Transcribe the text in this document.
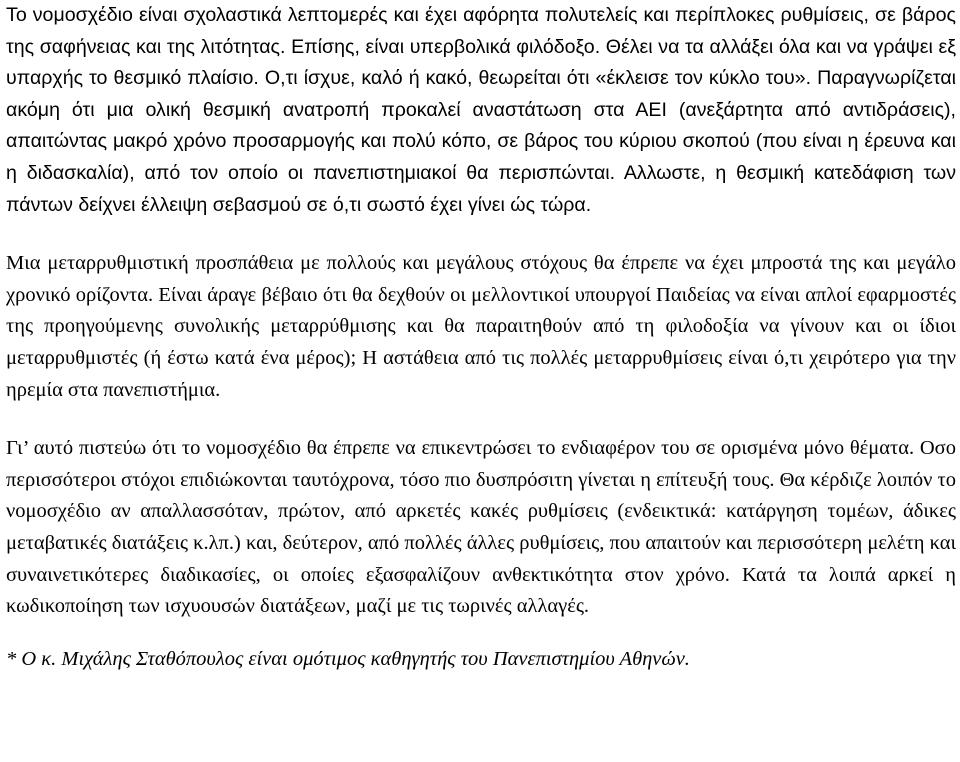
Το νομοσχέδιο είναι σχολαστικά λεπτομερές και έχει αφόρητα πολυτελείς και περίπλοκες ρυθμίσεις, σε βάρος της σαφήνειας και της λιτότητας. Επίσης, είναι υπερβολικά φιλόδοξο. Θέλει να τα αλλάξει όλα και να γράψει εξ υπαρχής το θεσμικό πλαίσιο. Ο,τι ίσχυε, καλό ή κακό, θεωρείται ότι «έκλεισε τον κύκλο του». Παραγνωρίζεται ακόμη ότι μια ολική θεσμική ανατροπή προκαλεί αναστάτωση στα ΑΕΙ (ανεξάρτητα από αντιδράσεις), απαιτώντας μακρό χρόνο προσαρμογής και πολύ κόπο, σε βάρος του κύριου σκοπού (που είναι η έρευνα και η διδασκαλία), από τον οποίο οι πανεπιστημιακοί θα περισπώνται. Αλλωστε, η θεσμική κατεδάφιση των πάντων δείχνει έλλειψη σεβασμού σε ό,τι σωστό έχει γίνει ώς τώρα.

Μια μεταρρυθμιστική προσπάθεια με πολλούς και μεγάλους στόχους θα έπρεπε να έχει μπροστά της και μεγάλο χρονικό ορίζοντα. Είναι άραγε βέβαιο ότι θα δεχθούν οι μελλοντικοί υπουργοί Παιδείας να είναι απλοί εφαρμοστές της προηγούμενης συνολικής μεταρρύθμισης και θα παραιτηθούν από τη φιλοδοξία να γίνουν και οι ίδιοι μεταρρυθμιστές (ή έστω κατά ένα μέρος); Η αστάθεια από τις πολλές μεταρρυθμίσεις είναι ό,τι χειρότερο για την ηρεμία στα πανεπιστήμια.

Γι’ αυτό πιστεύω ότι το νομοσχέδιο θα έπρεπε να επικεντρώσει το ενδιαφέρον του σε ορισμένα μόνο θέματα. Οσο περισσότεροι στόχοι επιδιώκονται ταυτόχρονα, τόσο πιο δυσπρόσιτη γίνεται η επίτευξή τους. Θα κέρδιζε λοιπόν το νομοσχέδιο αν απαλλασσόταν, πρώτον, από αρκετές κακές ρυθμίσεις (ενδεικτικά: κατάργηση τομέων, άδικες μεταβατικές διατάξεις κ.λπ.) και, δεύτερον, από πολλές άλλες ρυθμίσεις, που απαιτούν και περισσότερη μελέτη και συναινετικότερες διαδικασίες, οι οποίες εξασφαλίζουν ανθεκτικότητα στον χρόνο. Κατά τα λοιπά αρκεί η κωδικοποίηση των ισχυουσών διατάξεων, μαζί με τις τωρινές αλλαγές.

* Ο κ. Μιχάλης Σταθόπουλος είναι ομότιμος καθηγητής του Πανεπιστημίου Αθηνών.
